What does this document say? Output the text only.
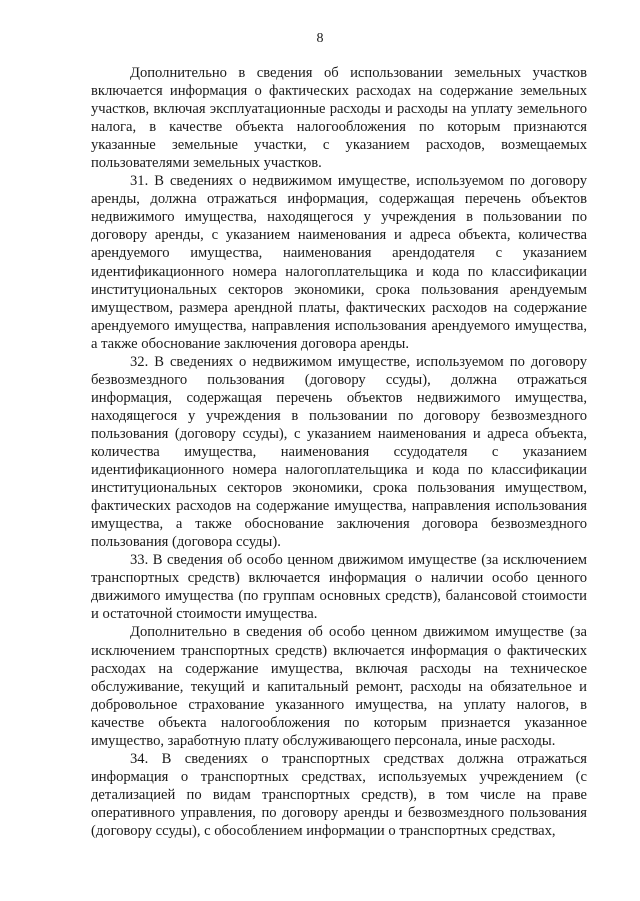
8

Дополнительно в сведения об использовании земельных участков включается информация о фактических расходах на содержание земельных участков, включая эксплуатационные расходы и расходы на уплату земельного налога, в качестве объекта налогообложения по которым признаются указанные земельные участки, с указанием расходов, возмещаемых пользователями земельных участков.

31. В сведениях о недвижимом имуществе, используемом по договору аренды, должна отражаться информация, содержащая перечень объектов недвижимого имущества, находящегося у учреждения в пользовании по договору аренды, с указанием наименования и адреса объекта, количества арендуемого имущества, наименования арендодателя с указанием идентификационного номера налогоплательщика и кода по классификации институциональных секторов экономики, срока пользования арендуемым имуществом, размера арендной платы, фактических расходов на содержание арендуемого имущества, направления использования арендуемого имущества, а также обоснование заключения договора аренды.

32. В сведениях о недвижимом имуществе, используемом по договору безвозмездного пользования (договору ссуды), должна отражаться информация, содержащая перечень объектов недвижимого имущества, находящегося у учреждения в пользовании по договору безвозмездного пользования (договору ссуды), с указанием наименования и адреса объекта, количества имущества, наименования ссудодателя с указанием идентификационного номера налогоплательщика и кода по классификации институциональных секторов экономики, срока пользования имуществом, фактических расходов на содержание имущества, направления использования имущества, а также обоснование заключения договора безвозмездного пользования (договора ссуды).

33. В сведения об особо ценном движимом имуществе (за исключением транспортных средств) включается информация о наличии особо ценного движимого имущества (по группам основных средств), балансовой стоимости и остаточной стоимости имущества.

Дополнительно в сведения об особо ценном движимом имуществе (за исключением транспортных средств) включается информация о фактических расходах на содержание имущества, включая расходы на техническое обслуживание, текущий и капитальный ремонт, расходы на обязательное и добровольное страхование указанного имущества, на уплату налогов, в качестве объекта налогообложения по которым признается указанное имущество, заработную плату обслуживающего персонала, иные расходы.

34. В сведениях о транспортных средствах должна отражаться информация о транспортных средствах, используемых учреждением (с детализацией по видам транспортных средств), в том числе на праве оперативного управления, по договору аренды и безвозмездного пользования (договору ссуды), с обособлением информации о транспортных средствах,
